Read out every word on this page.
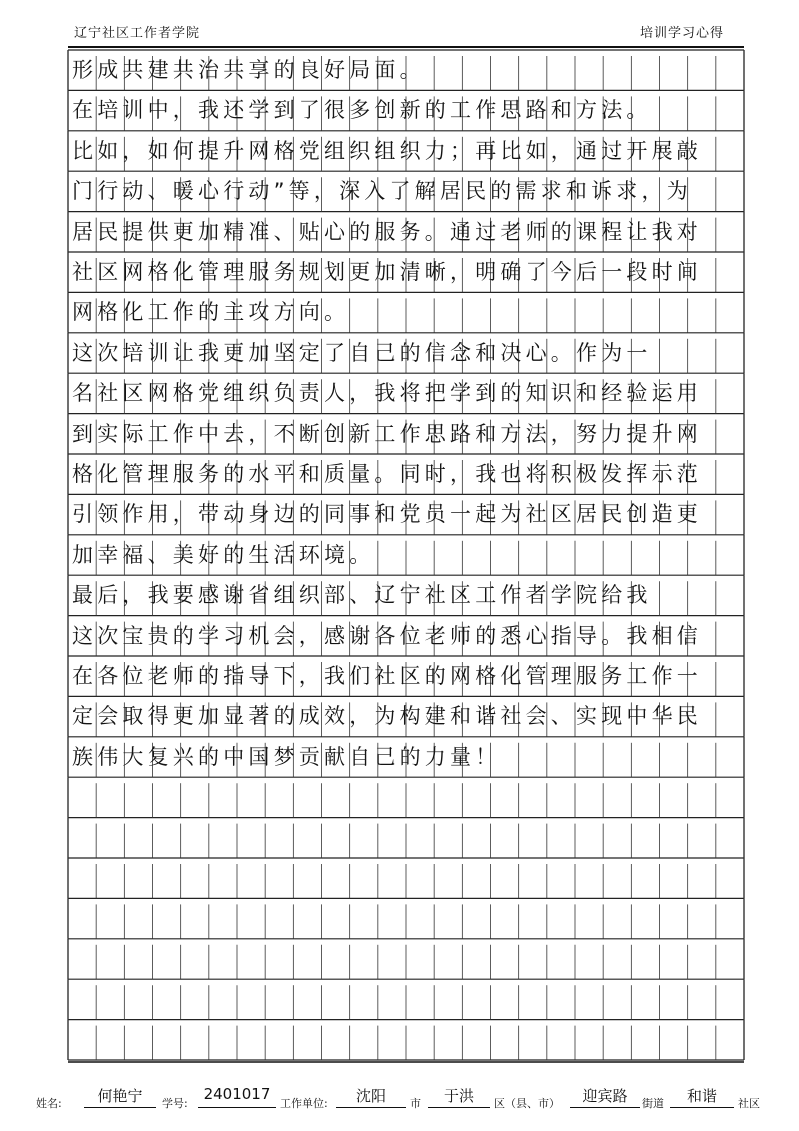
辽宁社区工作者学院	培训学习心得
形成共建共治共享的良好局面。
在培训中，我还学到了很多创新的工作思路和方法。
比如，如何提升网格党组织组织力；再比如，通过开展敲
门行动、暖心行动”等，深入了解居民的需求和诉求，为
居民提供更加精准、贴心的服务。通过老师的课程让我对
社区网格化管理服务规划更加清晰，明确了今后一段时间
网格化工作的主攻方向。
这次培训让我更加坚定了自己的信念和决心。作为一
名社区网格党组织负责人，我将把学到的知识和经验运用
到实际工作中去，不断创新工作思路和方法，努力提升网
格化管理服务的水平和质量。同时，我也将积极发挥示范
引领作用，带动身边的同事和党员一起为社区居民创造更
加幸福、美好的生活环境。
最后，我要感谢省组织部、辽宁社区工作者学院给我
这次宝贵的学习机会，感谢各位老师的悉心指导。我相信
在各位老师的指导下，我们社区的网格化管理服务工作一
定会取得更加显著的成效，为构建和谐社会、实现中华民
族伟大复兴的中国梦贡献自己的力量！
姓名:	何艳宁	学号:
2401017
工作单位:	沈阳	市	于洪	区（县、市）	迎宾路	街道	和谐	社区
